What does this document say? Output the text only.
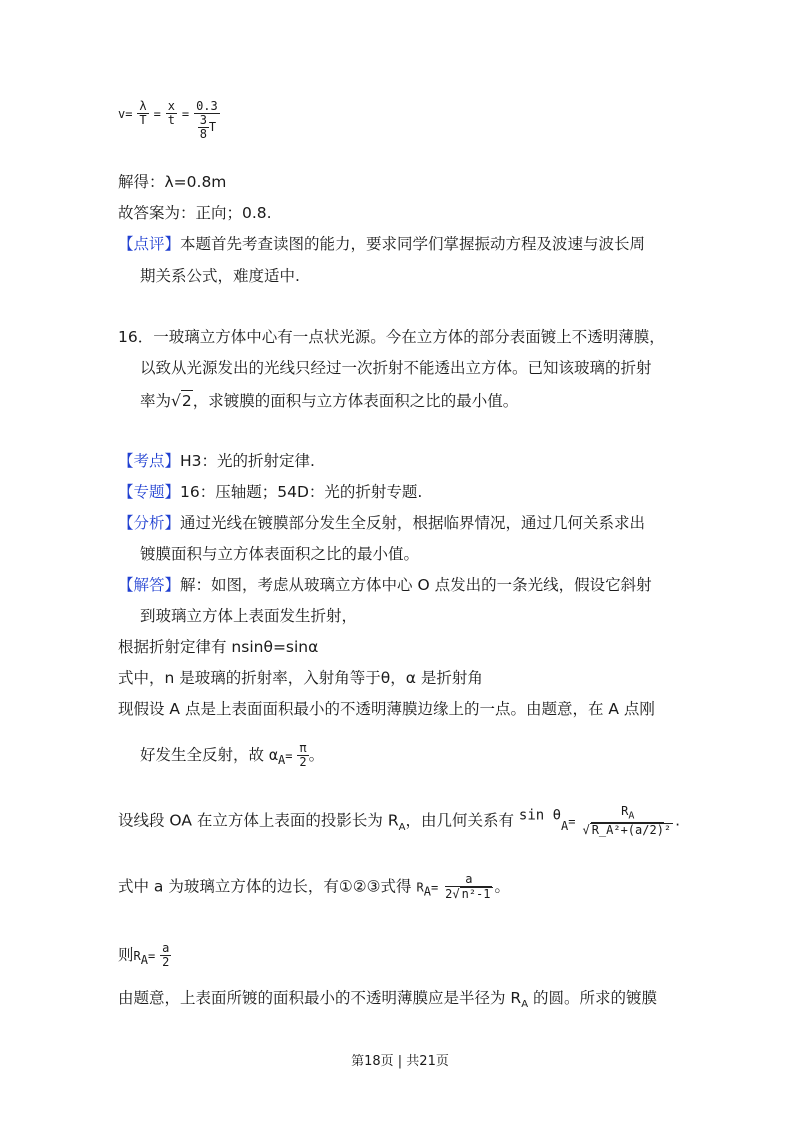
$v= \frac{\lambda}{T} = \frac{x}{t} = \frac{0.3}{\frac{3}{8} T}$
解得：λ=0.8m
故答案为：正向；0.8.
【点评】本题首先考查读图的能力，要求同学们掌握振动方程及波速与波长周
期关系公式，难度适中.
16．一玻璃立方体中心有一点状光源。今在立方体的部分表面镀上不透明薄膜，
以致从光源发出的光线只经过一次折射不能透出立方体。已知该玻璃的折射
率为√2，求镀膜的面积与立方体表面积之比的最小值。
【考点】H3：光的折射定律.
【专题】16：压轴题；54D：光的折射专题.
【分析】通过光线在镀膜部分发生全反射，根据临界情况，通过几何关系求出
镀膜面积与立方体表面积之比的最小值。
【解答】解：如图，考虑从玻璃立方体中心 O 点发出的一条光线，假设它斜射
到玻璃立方体上表面发生折射，
根据折射定律有 nsinθ=sinα
式中，n 是玻璃的折射率，入射角等于θ，α 是折射角
现假设 A 点是上表面面积最小的不透明薄膜边缘上的一点。由题意，在 A 点刚
好发生全反射，故 $\alpha_A= \frac{\pi}{2}$ 。
设线段 OA 在立方体上表面的投影长为 $R_A$，由几何关系有 $\sin \theta_A= \frac{R_A}{\text{√ R\_A²+(a/2)²}}$ .
式中 a 为玻璃立方体的边长，有①②③式得 $R_A= \frac{a}{\text{2√ n²-1}}$ 。
则$R_A= \frac{a}{2}$
由题意，上表面所镀的面积最小的不透明薄膜应是半径为 $R_A$ 的圆。所求的镀膜
第18页 | 共21页
